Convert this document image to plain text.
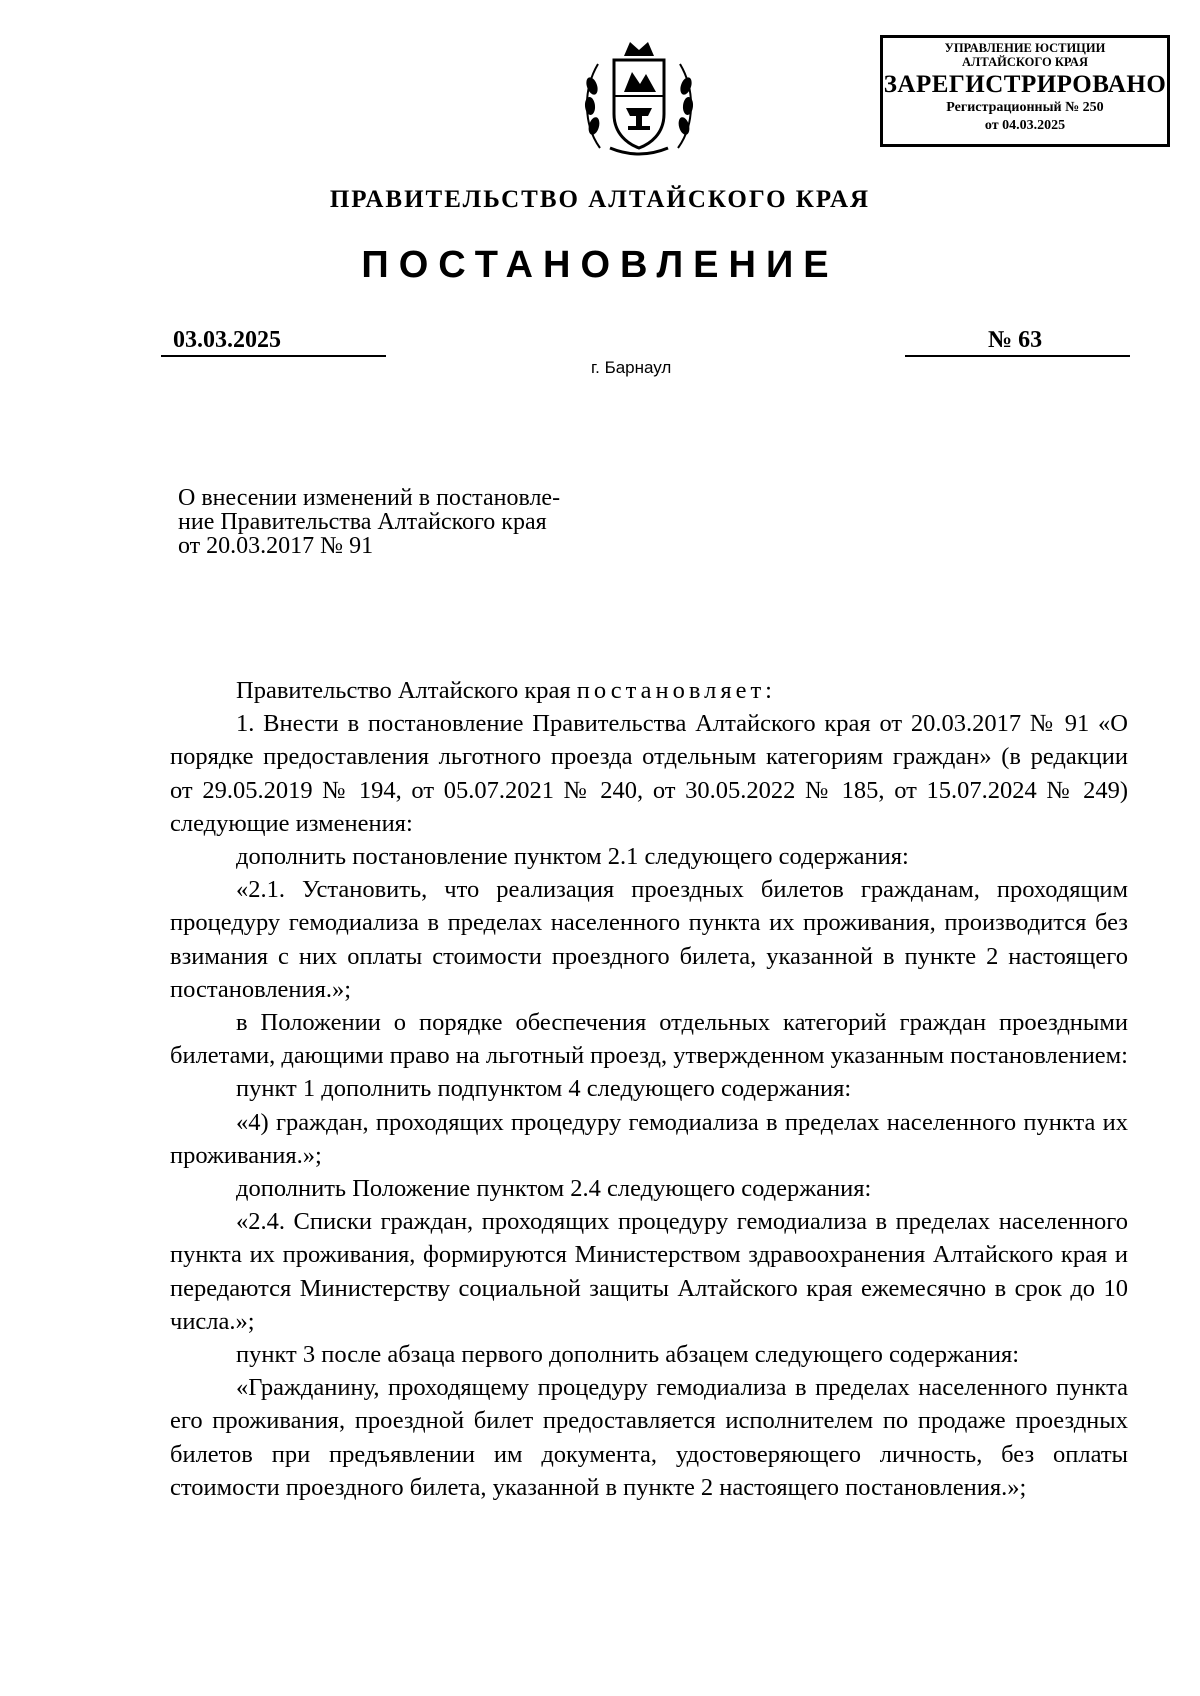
УПРАВЛЕНИЕ ЮСТИЦИИ
АЛТАЙСКОГО КРАЯ
ЗАРЕГИСТРИРОВАНО
Регистрационный № 250
от 04.03.2025
ПРАВИТЕЛЬСТВО АЛТАЙСКОГО КРАЯ
ПОСТАНОВЛЕНИЕ
03.03.2025	№ 63
г. Барнаул
О внесении изменений в постановле-
ние Правительства Алтайского края
от 20.03.2017 № 91

Правительство Алтайского края постановляет:

1. Внести в постановление Правительства Алтайского края от 20.03.2017 № 91 «О порядке предоставления льготного проезда отдельным категориям граждан» (в редакции от 29.05.2019 № 194, от 05.07.2021 № 240, от 30.05.2022 № 185, от 15.07.2024 № 249) следующие изменения:

дополнить постановление пунктом 2.1 следующего содержания:

«2.1. Установить, что реализация проездных билетов гражданам, проходящим процедуру гемодиализа в пределах населенного пункта их проживания, производится без взимания с них оплаты стоимости проездного билета, указанной в пункте 2 настоящего постановления.»;

в Положении о порядке обеспечения отдельных категорий граждан проездными билетами, дающими право на льготный проезд, утвержденном указанным постановлением:

пункт 1 дополнить подпунктом 4 следующего содержания:

«4) граждан, проходящих процедуру гемодиализа в пределах населенного пункта их проживания.»;

дополнить Положение пунктом 2.4 следующего содержания:

«2.4. Списки граждан, проходящих процедуру гемодиализа в пределах населенного пункта их проживания, формируются Министерством здравоохранения Алтайского края и передаются Министерству социальной защиты Алтайского края ежемесячно в срок до 10 числа.»;

пункт 3 после абзаца первого дополнить абзацем следующего содержания:

«Гражданину, проходящему процедуру гемодиализа в пределах населенного пункта его проживания, проездной билет предоставляется исполнителем по продаже проездных билетов при предъявлении им документа, удостоверяющего личность, без оплаты стоимости проездного билета, указанной в пункте 2 настоящего постановления.»;
